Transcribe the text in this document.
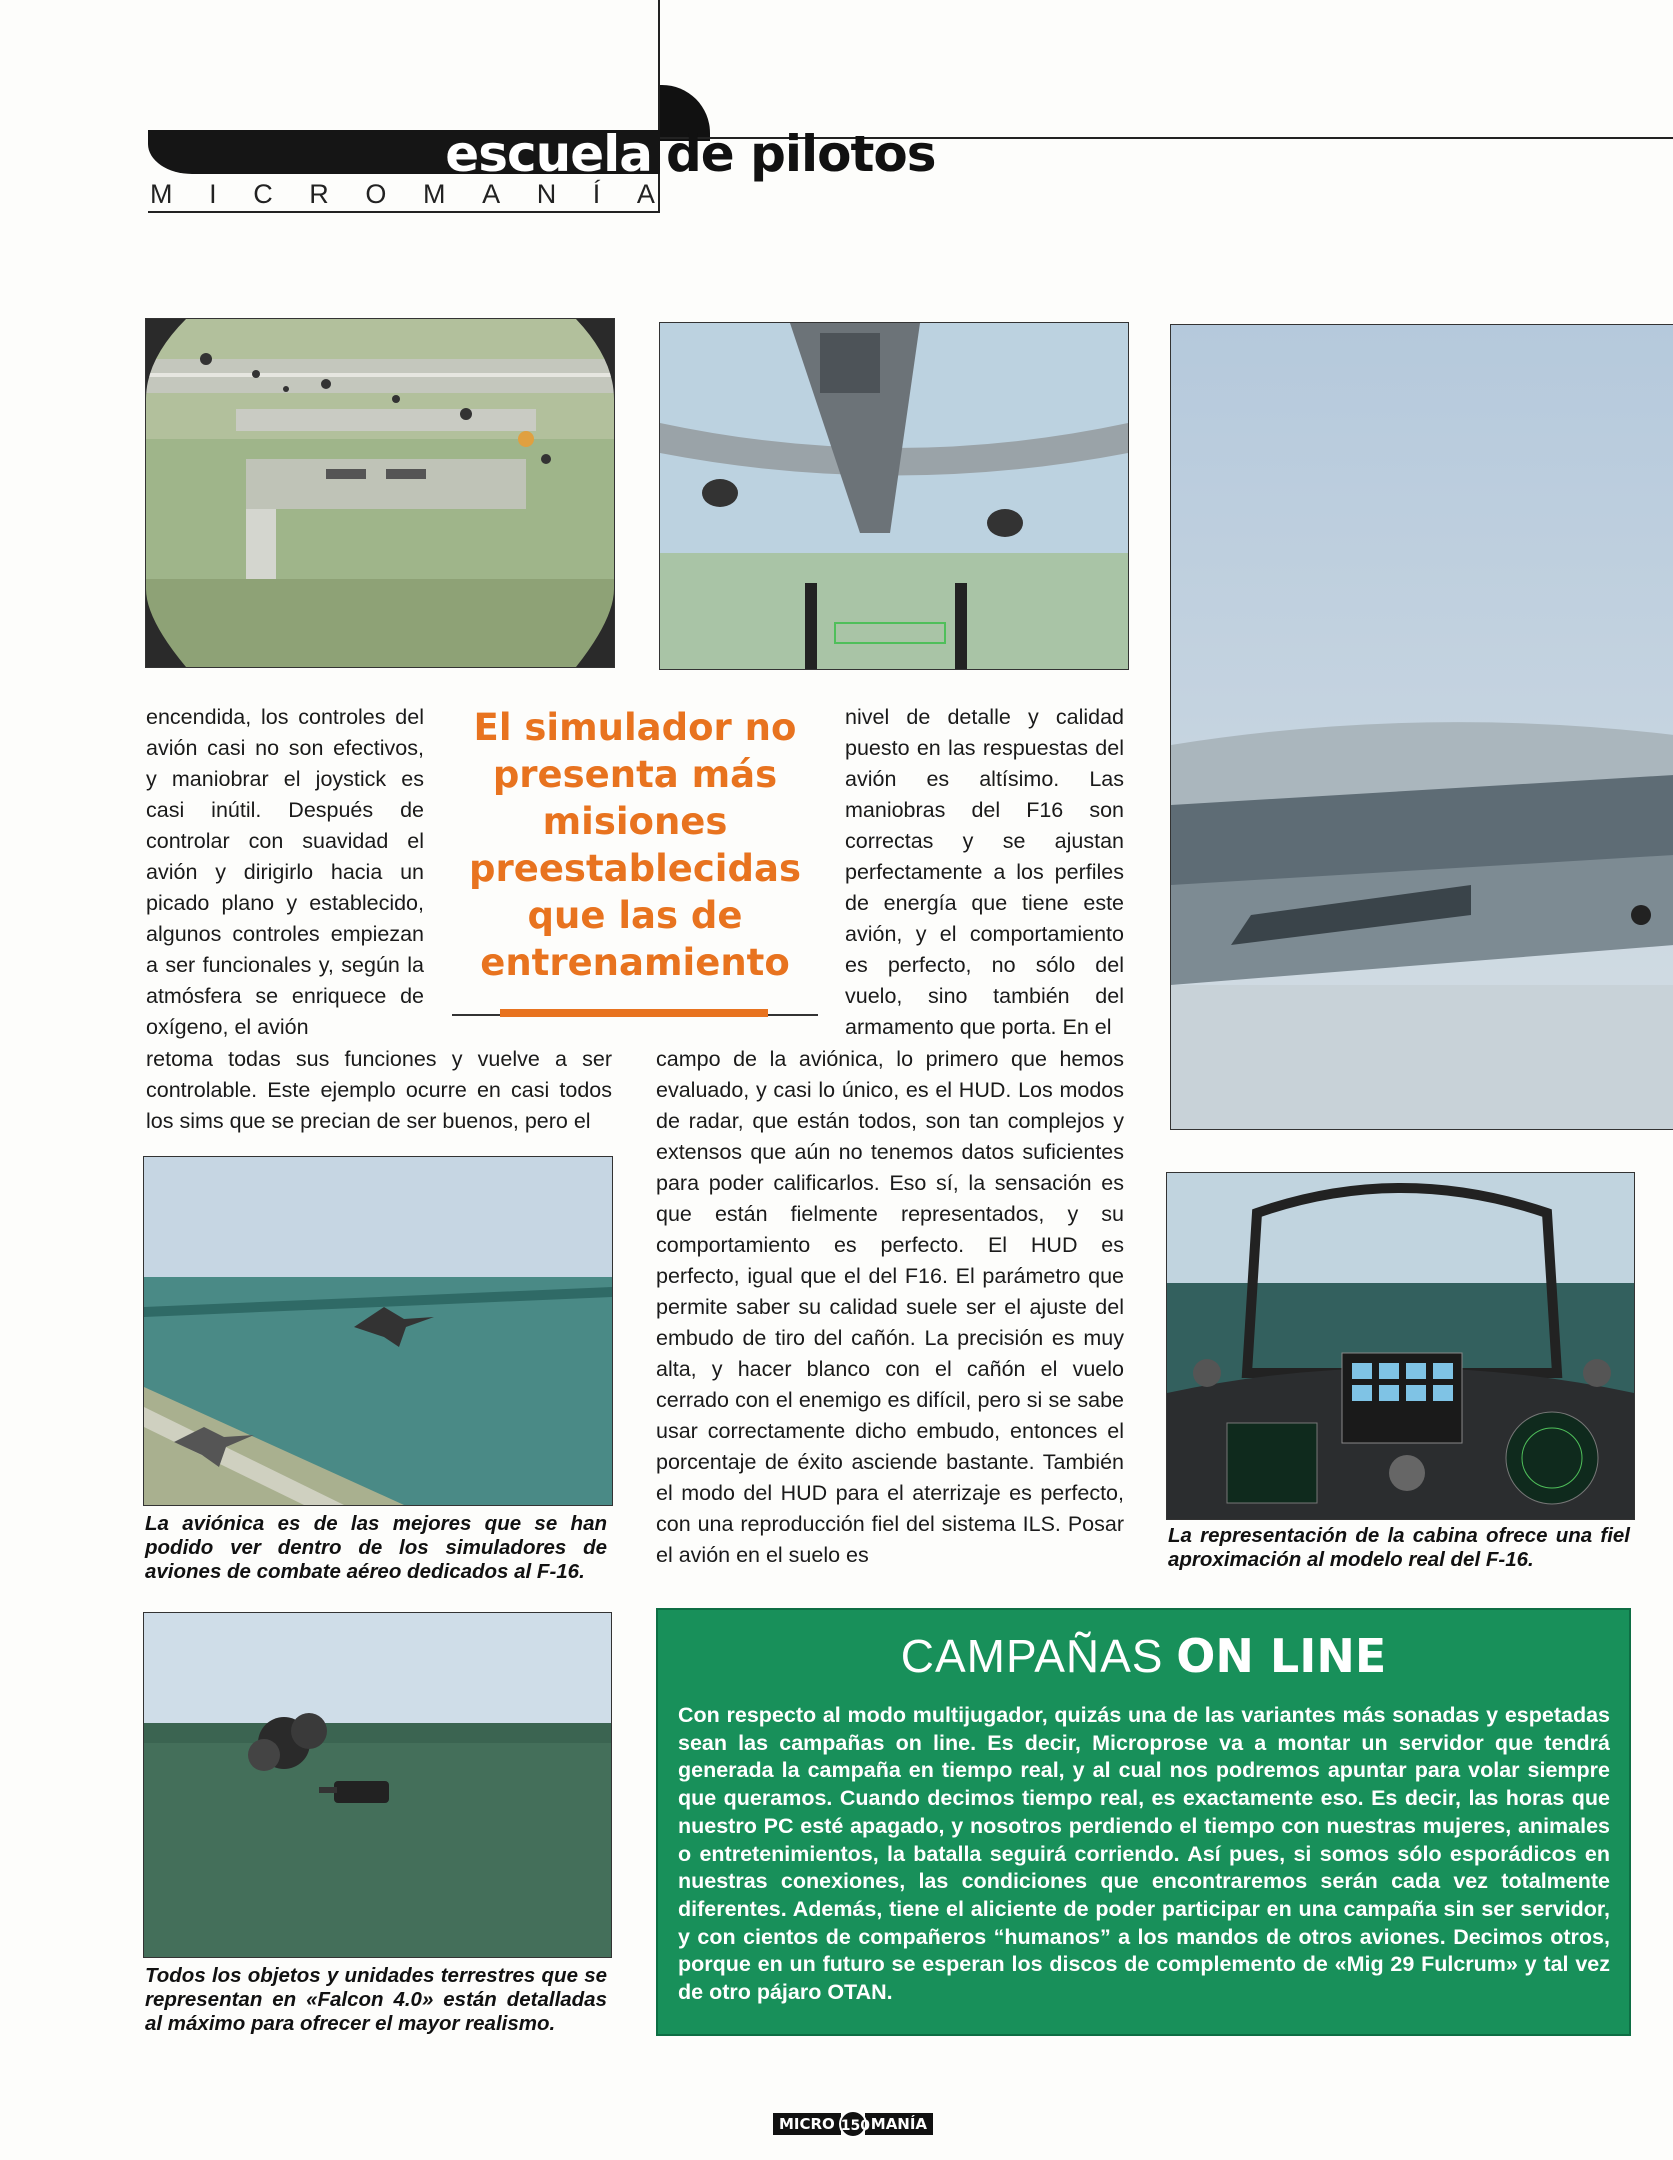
escuela de pilotos
M I C R O M A N Í A

encendida, los controles del avión casi no son efectivos, y maniobrar el joystick es casi inútil. Después de controlar con suavidad el avión y dirigirlo hacia un picado plano y establecido, algunos controles empiezan a ser funcionales y, según la atmósfera se enriquece de oxígeno, el avión

El simulador no presenta más misiones preestablecidas que las de entrenamiento

retoma todas sus funciones y vuelve a ser controlable. Este ejemplo ocurre en casi todos los sims que se precian de ser buenos, pero el

nivel de detalle y calidad puesto en las respuestas del avión es altísimo. Las maniobras del F16 son correctas y se ajustan perfectamente a los perfiles de energía que tiene este avión, y el comportamiento es perfecto, no sólo del vuelo, sino también del armamento que porta. En el

campo de la aviónica, lo primero que hemos evaluado, y casi lo único, es el HUD. Los modos de radar, que están todos, son tan complejos y extensos que aún no tenemos datos suficientes para poder calificarlos. Eso sí, la sensación es que están fielmente representados, y su comportamiento es perfecto. El HUD es perfecto, igual que el del F16. El parámetro que permite saber su calidad suele ser el ajuste del embudo de tiro del cañón. La precisión es muy alta, y hacer blanco con el cañón el vuelo cerrado con el enemigo es difícil, pero si se sabe usar correctamente dicho embudo, entonces el porcentaje de éxito asciende bastante. También el modo del HUD para el aterrizaje es perfecto, con una reproducción fiel del sistema ILS. Posar el avión en el suelo es

La aviónica es de las mejores que se han podido ver dentro de los simuladores de aviones de combate aéreo dedicados al F-16.
La representación de la cabina ofrece una fiel aproximación al modelo real del F-16.
Todos los objetos y unidades terrestres que se representan en «Falcon 4.0» están detalladas al máximo para ofrecer el mayor realismo.
CAMPAÑAS ON LINE
Con respecto al modo multijugador, quizás una de las variantes más sonadas y espetadas sean las campañas on line. Es decir, Microprose va a montar un servidor que tendrá generada la campaña en tiempo real, y al cual nos podremos apuntar para volar siempre que queramos. Cuando decimos tiempo real, es exactamente eso. Es decir, las horas que nuestro PC esté apagado, y nosotros perdiendo el tiempo con nuestras mujeres, animales o entretenimientos, la batalla seguirá corriendo. Así pues, si somos sólo esporádicos en nuestras conexiones, las condiciones que encontraremos serán cada vez totalmente diferentes. Además, tiene el aliciente de poder participar en una campaña sin ser servidor, y con cientos de compañeros “humanos” a los mandos de otros aviones. Decimos otros, porque en un futuro se esperan los discos de complemento de «Mig 29 Fulcrum» y tal vez de otro pájaro OTAN.
MICRO 150 MANÍA
